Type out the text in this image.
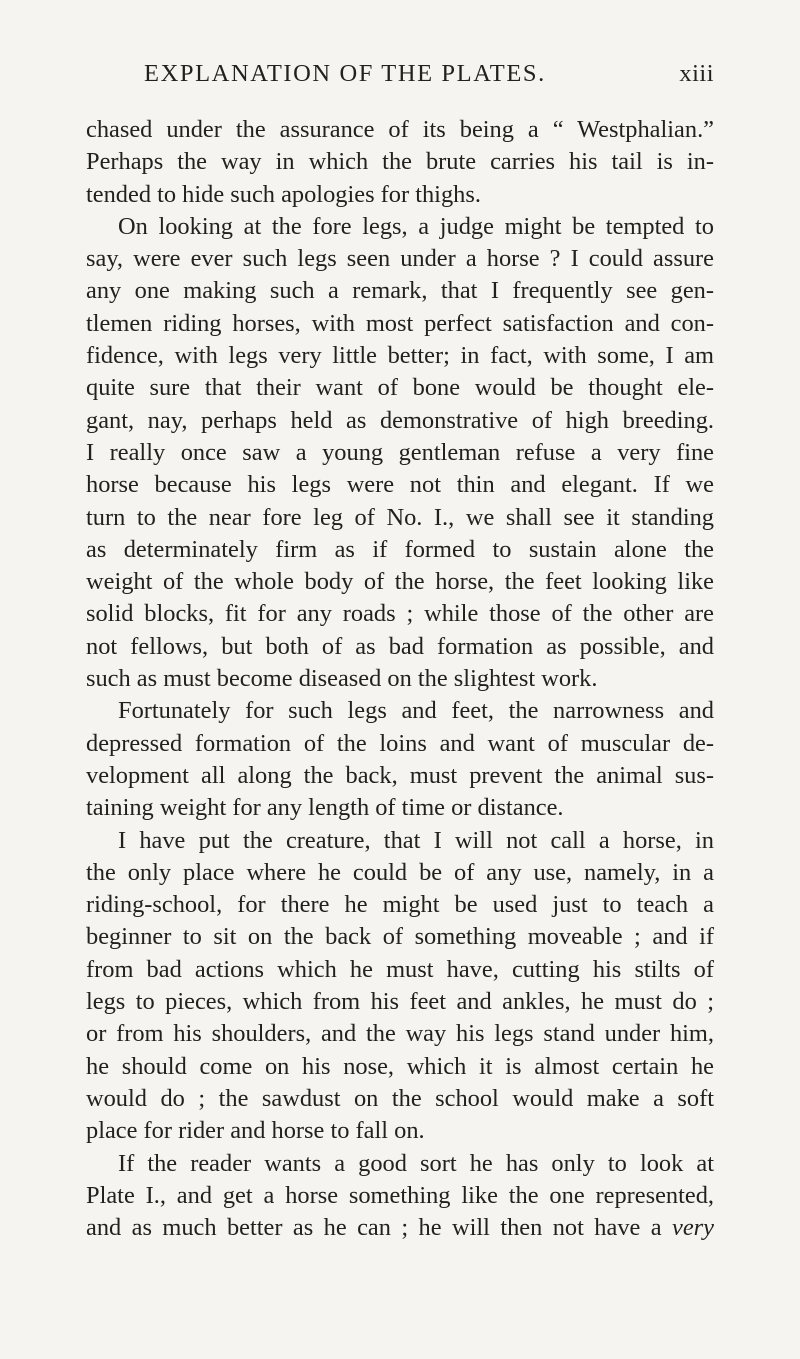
EXPLANATION OF THE PLATES.	xiii
chased under the assurance of its being a “ Westphalian.”
Perhaps the way in which the brute carries his tail is in-
tended to hide such apologies for thighs.
On looking at the fore legs, a judge might be tempted to
say, were ever such legs seen under a horse ? I could assure
any one making such a remark, that I frequently see gen-
tlemen riding horses, with most perfect satisfaction and con-
fidence, with legs very little better; in fact, with some, I am
quite sure that their want of bone would be thought ele-
gant, nay, perhaps held as demonstrative of high breeding.
I really once saw a young gentleman refuse a very fine
horse because his legs were not thin and elegant. If we
turn to the near fore leg of No. I., we shall see it standing
as determinately firm as if formed to sustain alone the
weight of the whole body of the horse, the feet looking like
solid blocks, fit for any roads ; while those of the other are
not fellows, but both of as bad formation as possible, and
such as must become diseased on the slightest work.
Fortunately for such legs and feet, the narrowness and
depressed formation of the loins and want of muscular de-
velopment all along the back, must prevent the animal sus-
taining weight for any length of time or distance.
I have put the creature, that I will not call a horse, in
the only place where he could be of any use, namely, in a
riding-school, for there he might be used just to teach a
beginner to sit on the back of something moveable ; and if
from bad actions which he must have, cutting his stilts of
legs to pieces, which from his feet and ankles, he must do ;
or from his shoulders, and the way his legs stand under him,
he should come on his nose, which it is almost certain he
would do ; the sawdust on the school would make a soft
place for rider and horse to fall on.
If the reader wants a good sort he has only to look at
Plate I., and get a horse something like the one represented,
and as much better as he can ; he will then not have a very
